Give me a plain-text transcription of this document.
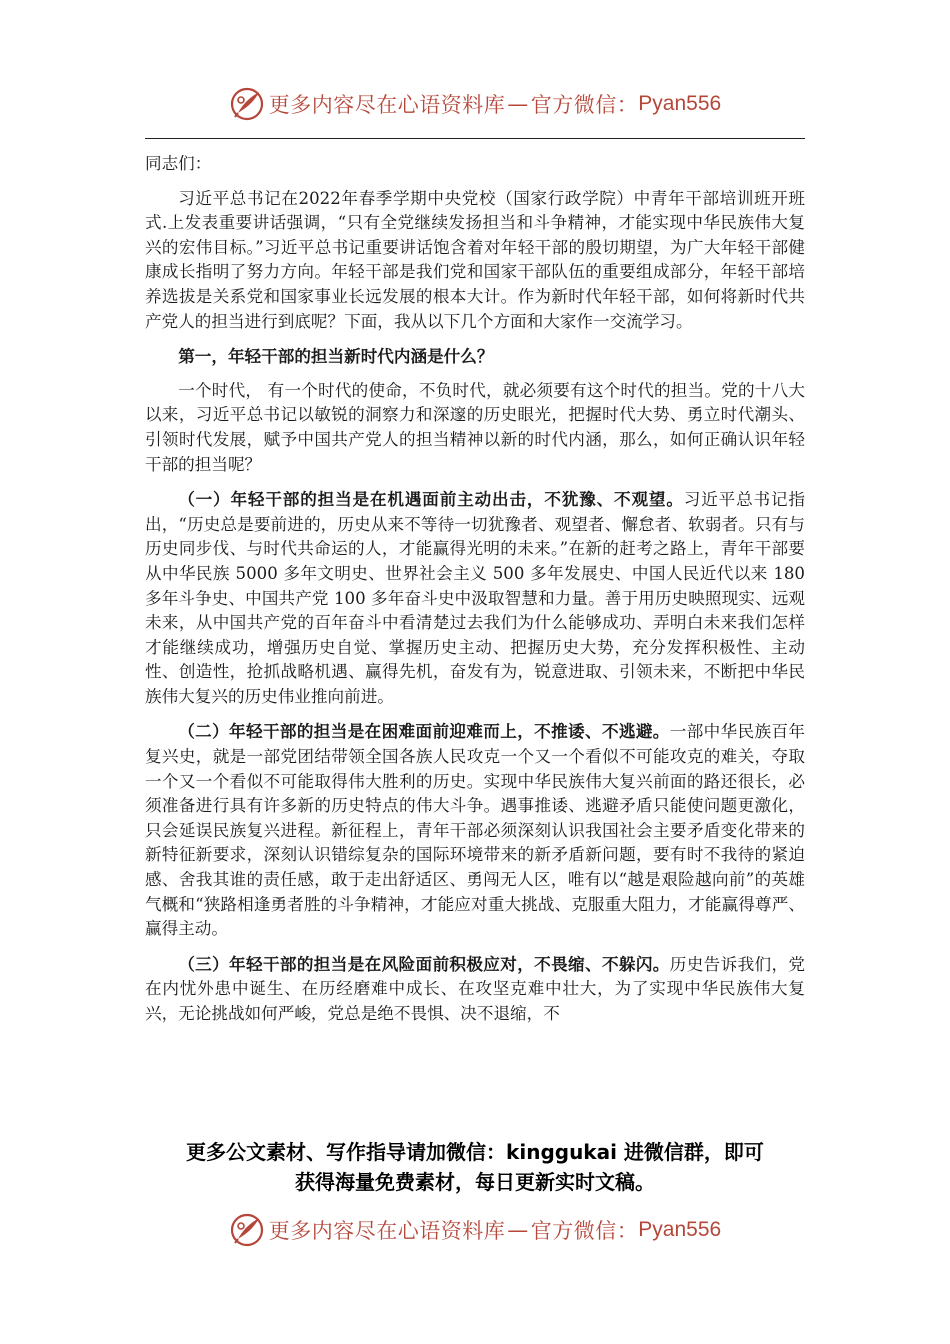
更多内容尽在心语资料库 — 官方微信： Pyan556

同志们：

习近平总书记在2022年春季学期中央党校（国家行政学院）中青年干部培训班开班式.上发表重要讲话强调，“只有全党继续发扬担当和斗争精神，才能实现中华民族伟大复兴的宏伟目标。”习近平总书记重要讲话饱含着对年轻干部的殷切期望，为广大年轻干部健康成长指明了努力方向。年轻干部是我们党和国家干部队伍的重要组成部分，年轻干部培养选拔是关系党和国家事业长远发展的根本大计。作为新时代年轻干部，如何将新时代共产党人的担当进行到底呢？下面，我从以下几个方面和大家作一交流学习。

第一，年轻干部的担当新时代内涵是什么？

一个时代， 有一个时代的使命，不负时代，就必须要有这个时代的担当。党的十八大以来，习近平总书记以敏锐的洞察力和深邃的历史眼光，把握时代大势、勇立时代潮头、引领时代发展，赋予中国共产党人的担当精神以新的时代内涵，那么，如何正确认识年轻干部的担当呢？

（一）年轻干部的担当是在机遇面前主动出击，不犹豫、不观望。习近平总书记指出，“历史总是要前进的，历史从来不等待一切犹豫者、观望者、懈怠者、软弱者。只有与历史同步伐、与时代共命运的人，才能赢得光明的未来。”在新的赶考之路上，青年干部要从中华民族 5000 多年文明史、世界社会主义 500 多年发展史、中国人民近代以来 180 多年斗争史、中国共产党 100 多年奋斗史中汲取智慧和力量。善于用历史映照现实、远观未来，从中国共产党的百年奋斗中看清楚过去我们为什么能够成功、弄明白未来我们怎样才能继续成功，增强历史自觉、掌握历史主动、把握历史大势，充分发挥积极性、主动性、创造性，抢抓战略机遇、赢得先机，奋发有为，锐意进取、引领未来，不断把中华民族伟大复兴的历史伟业推向前进。

（二）年轻干部的担当是在困难面前迎难而上，不推诿、不逃避。一部中华民族百年复兴史，就是一部党团结带领全国各族人民攻克一个又一个看似不可能攻克的难关，夺取一个又一个看似不可能取得伟大胜利的历史。实现中华民族伟大复兴前面的路还很长，必须准备进行具有许多新的历史特点的伟大斗争。遇事推诿、逃避矛盾只能使问题更激化，只会延误民族复兴进程。新征程上，青年干部必须深刻认识我国社会主要矛盾变化带来的新特征新要求，深刻认识错综复杂的国际环境带来的新矛盾新问题，要有时不我待的紧迫感、舍我其谁的责任感，敢于走出舒适区、勇闯无人区，唯有以“越是艰险越向前”的英雄气概和“狭路相逢勇者胜的斗争精神，才能应对重大挑战、克服重大阻力，才能赢得尊严、赢得主动。

（三）年轻干部的担当是在风险面前积极应对，不畏缩、不躲闪。历史告诉我们，党在内忧外患中诞生、在历经磨难中成长、在攻坚克难中壮大，为了实现中华民族伟大复兴，无论挑战如何严峻，党总是绝不畏惧、决不退缩，不

更多公文素材、写作指导请加微信：kinggukai 进微信群，即可
获得海量免费素材，每日更新实时文稿。
更多内容尽在心语资料库 — 官方微信： Pyan556
